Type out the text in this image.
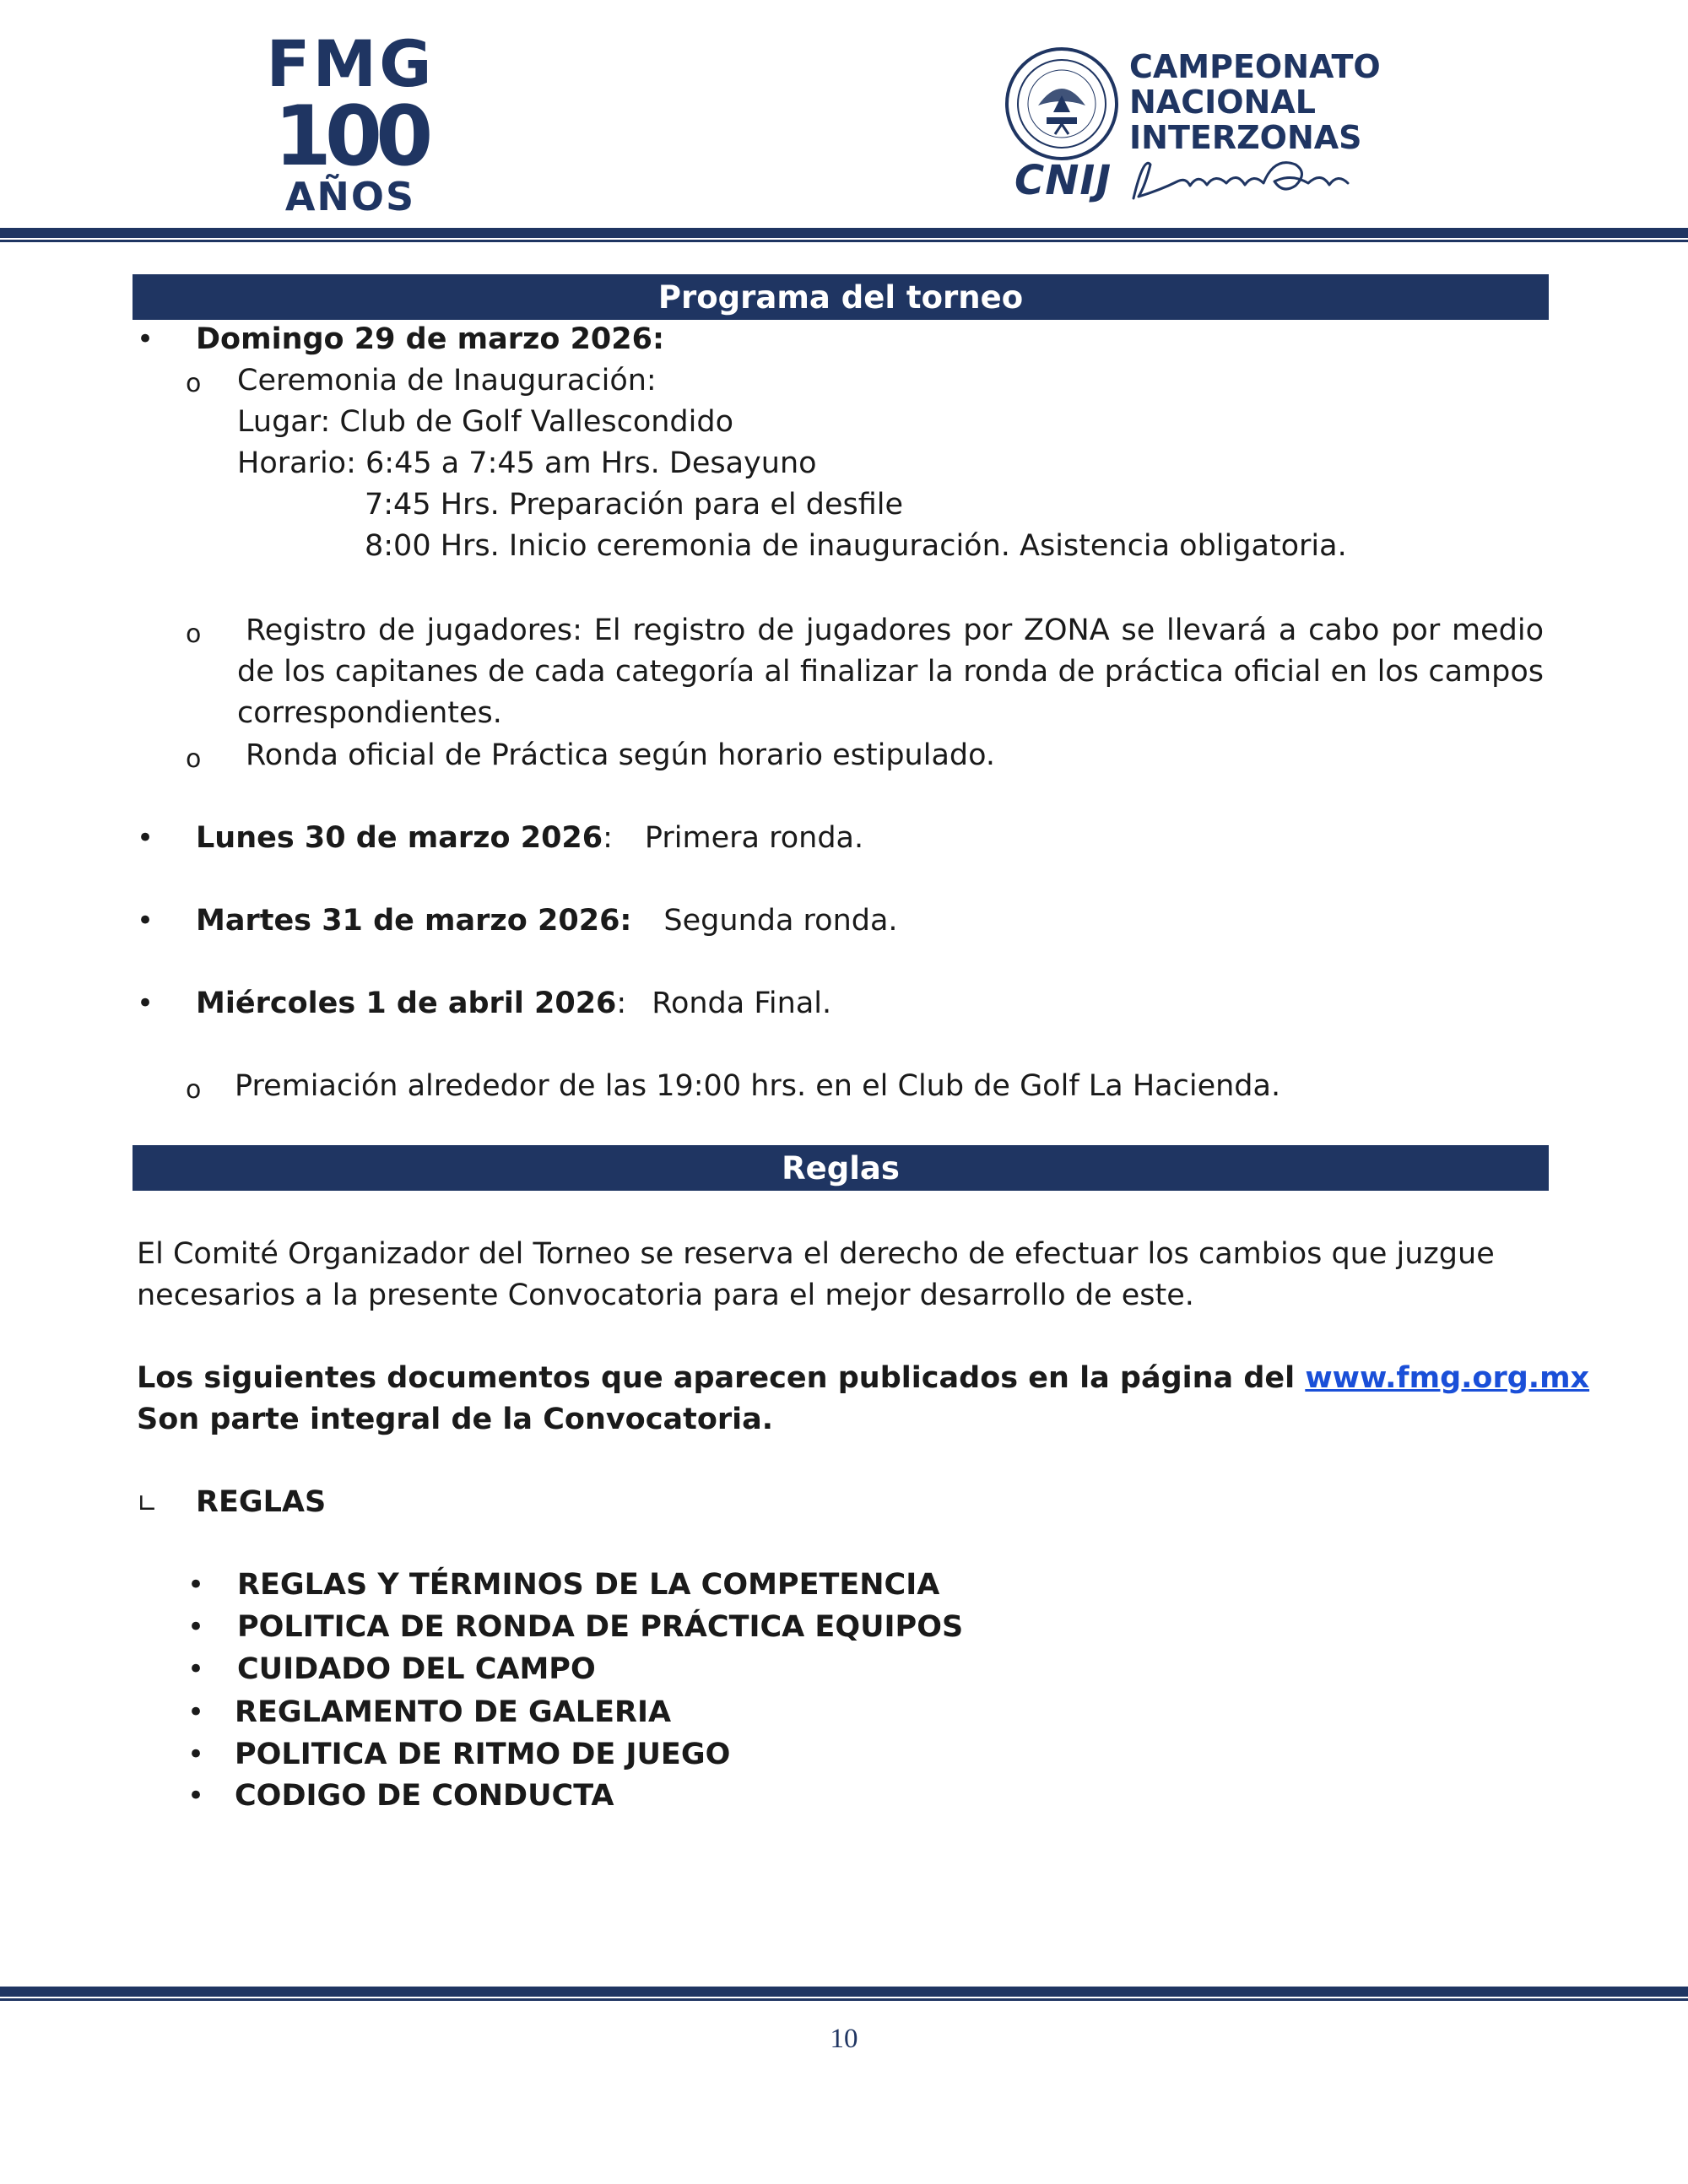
FMG
100
AÑOS
CAMPEONATO
NACIONAL
INTERZONAS
CNIJ
Programa del torneo
• Domingo 29 de marzo 2026:
o Ceremonia de Inauguración:
Lugar: Club de Golf Vallescondido
Horario: 6:45 a 7:45 am Hrs. Desayuno
7:45 Hrs. Preparación para el desfile
8:00 Hrs. Inicio ceremonia de inauguración. Asistencia obligatoria.
o Registro de jugadores: El registro de jugadores por ZONA se llevará a cabo por medio de los capitanes de cada categoría al finalizar la ronda de práctica oficial en los campos correspondientes.
o Ronda oficial de Práctica según horario estipulado.
• Lunes 30 de marzo 2026: Primera ronda.
• Martes 31 de marzo 2026: Segunda ronda.
• Miércoles 1 de abril 2026: Ronda Final.
o Premiación alrededor de las 19:00 hrs. en el Club de Golf La Hacienda.
Reglas
El Comité Organizador del Torneo se reserva el derecho de efectuar los cambios que juzgue
necesarios a la presente Convocatoria para el mejor desarrollo de este.
Los siguientes documentos que aparecen publicados en la página del www.fmg.org.mx
Son parte integral de la Convocatoria.
∟ REGLAS
• REGLAS Y TÉRMINOS DE LA COMPETENCIA
• POLITICA DE RONDA DE PRÁCTICA EQUIPOS
• CUIDADO DEL CAMPO
• REGLAMENTO DE GALERIA
• POLITICA DE RITMO DE JUEGO
• CODIGO DE CONDUCTA
10
